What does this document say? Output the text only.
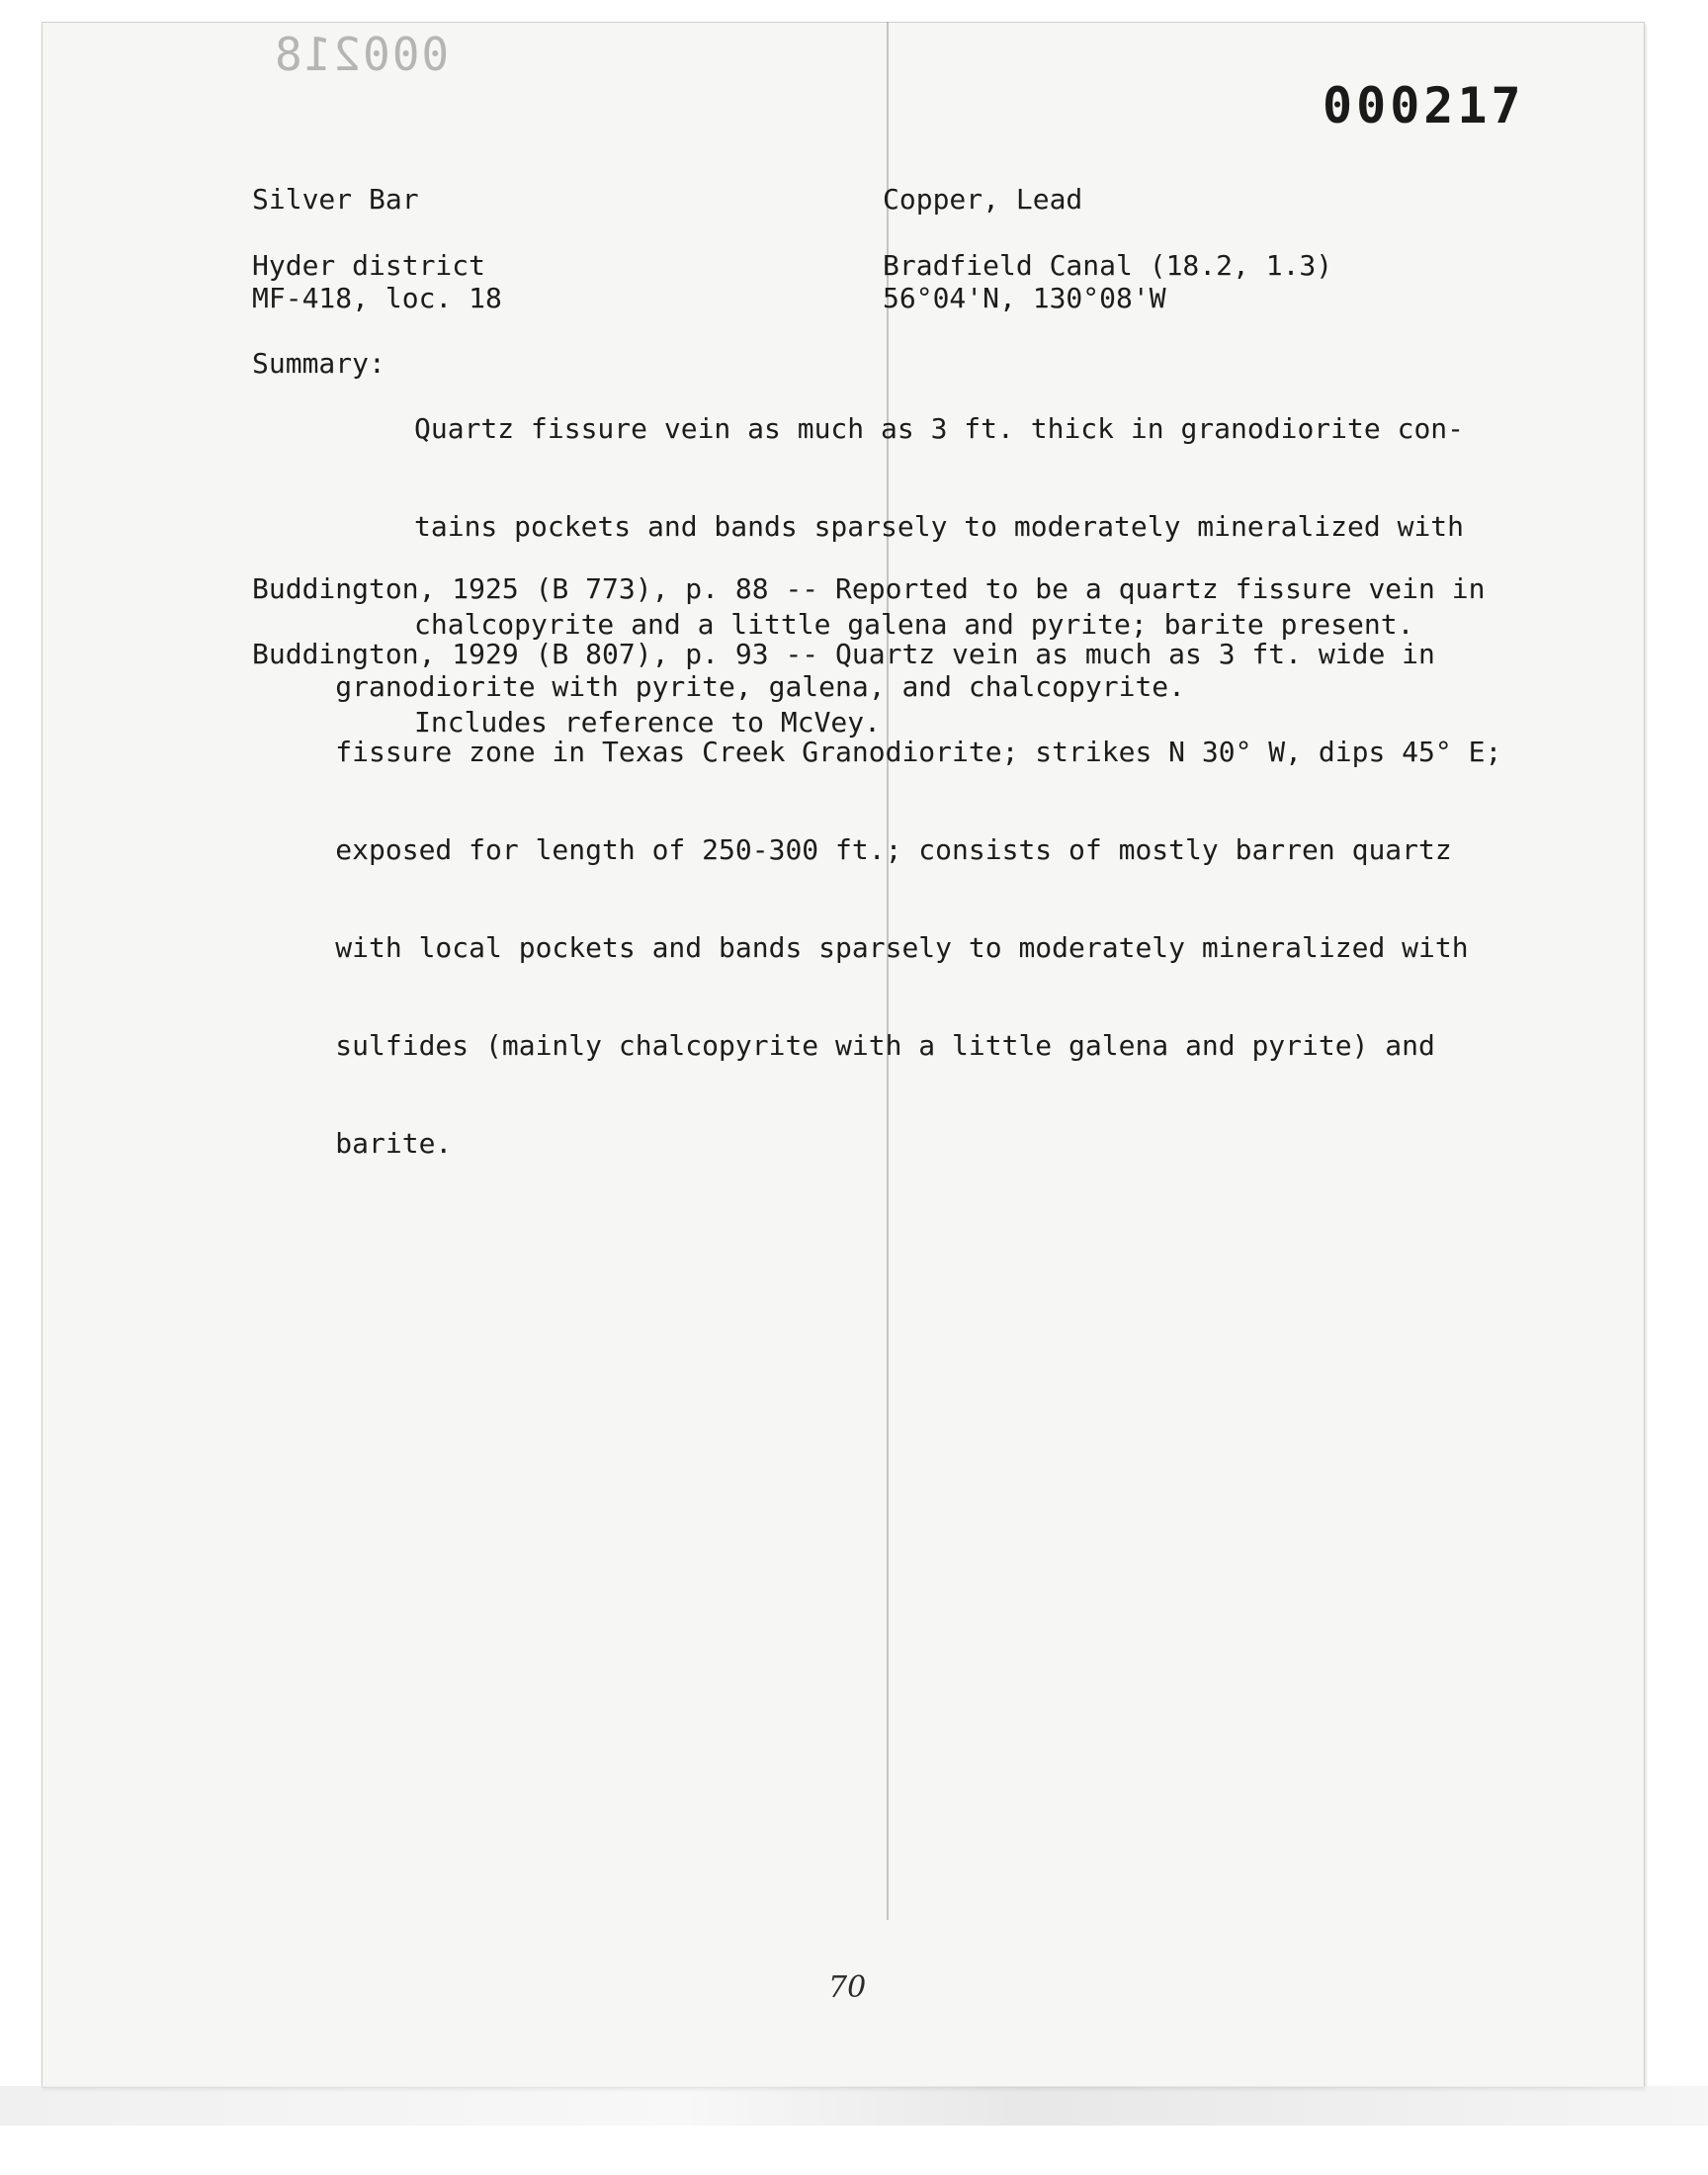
000218
000217
Silver Bar	Copper, Lead
Hyder district	Bradfield Canal (18.2, 1.3)
MF-418, loc. 18	56°04'N, 130°08'W
Summary:

Quartz fissure vein as much as 3 ft. thick in granodiorite con-

tains pockets and bands sparsely to moderately mineralized with

chalcopyrite and a little galena and pyrite; barite present.

Includes reference to McVey.

Buddington, 1925 (B 773), p. 88 -- Reported to be a quartz fissure vein in

granodiorite with pyrite, galena, and chalcopyrite.

Buddington, 1929 (B 807), p. 93 -- Quartz vein as much as 3 ft. wide in

fissure zone in Texas Creek Granodiorite; strikes N 30° W, dips 45° E;

exposed for length of 250-300 ft.; consists of mostly barren quartz

with local pockets and bands sparsely to moderately mineralized with

sulfides (mainly chalcopyrite with a little galena and pyrite) and

barite.

70
